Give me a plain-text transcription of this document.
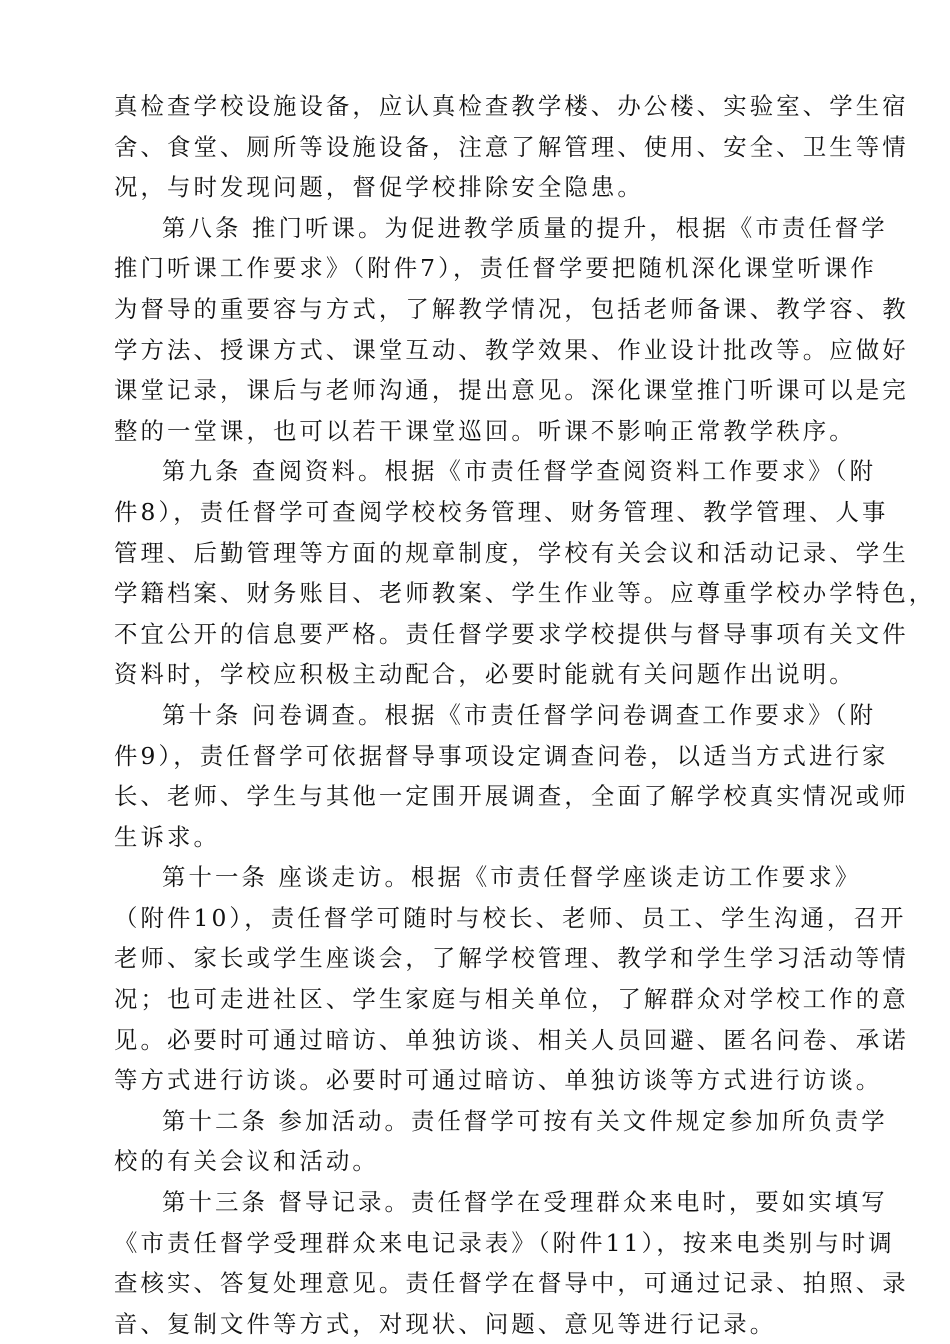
真检查学校设施设备，应认真检查教学楼、办公楼、实验室、学生宿
舍、食堂、厕所等设施设备，注意了解管理、使用、安全、卫生等情
况，与时发现问题，督促学校排除安全隐患。
第八条 推门听课。为促进教学质量的提升，根据《市责任督学
推门听课工作要求》（附件7），责任督学要把随机深化课堂听课作
为督导的重要容与方式，了解教学情况，包括老师备课、教学容、教
学方法、授课方式、课堂互动、教学效果、作业设计批改等。应做好
课堂记录，课后与老师沟通，提出意见。深化课堂推门听课可以是完
整的一堂课，也可以若干课堂巡回。听课不影响正常教学秩序。
第九条 查阅资料。根据《市责任督学查阅资料工作要求》（附
件8），责任督学可查阅学校校务管理、财务管理、教学管理、人事
管理、后勤管理等方面的规章制度，学校有关会议和活动记录、学生
学籍档案、财务账目、老师教案、学生作业等。应尊重学校办学特色，
不宜公开的信息要严格。责任督学要求学校提供与督导事项有关文件
资料时，学校应积极主动配合，必要时能就有关问题作出说明。
第十条 问卷调查。根据《市责任督学问卷调查工作要求》（附
件9），责任督学可依据督导事项设定调查问卷，以适当方式进行家
长、老师、学生与其他一定围开展调查，全面了解学校真实情况或师
生诉求。
第十一条 座谈走访。根据《市责任督学座谈走访工作要求》
（附件10），责任督学可随时与校长、老师、员工、学生沟通，召开
老师、家长或学生座谈会，了解学校管理、教学和学生学习活动等情
况；也可走进社区、学生家庭与相关单位，了解群众对学校工作的意
见。必要时可通过暗访、单独访谈、相关人员回避、匿名问卷、承诺
等方式进行访谈。必要时可通过暗访、单独访谈等方式进行访谈。
第十二条 参加活动。责任督学可按有关文件规定参加所负责学
校的有关会议和活动。
第十三条 督导记录。责任督学在受理群众来电时，要如实填写
《市责任督学受理群众来电记录表》（附件11），按来电类别与时调
查核实、答复处理意见。责任督学在督导中，可通过记录、拍照、录
音、复制文件等方式，对现状、问题、意见等进行记录。
